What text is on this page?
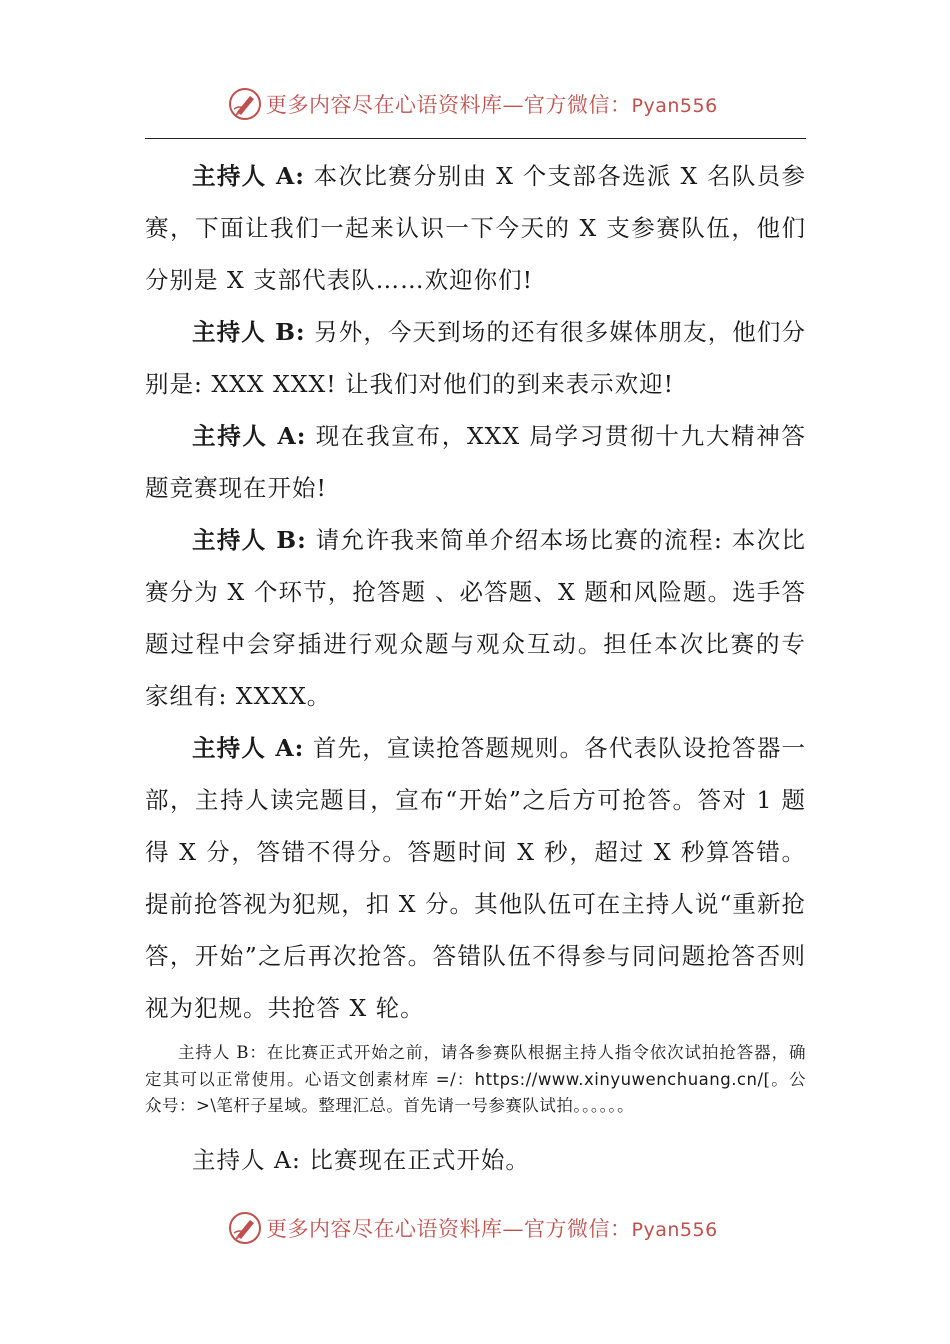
更多内容尽在心语资料库—官方微信：Pyan556

主持人 A: 本次比赛分别由 X 个支部各选派 X 名队员参赛，下面让我们一起来认识一下今天的 X 支参赛队伍，他们分别是 X 支部代表队……欢迎你们!

主持人 B: 另外，今天到场的还有很多媒体朋友，他们分别是: XXX XXX! 让我们对他们的到来表示欢迎!

主持人 A: 现在我宣布，XXX 局学习贯彻十九大精神答题竞赛现在开始!

主持人 B: 请允许我来简单介绍本场比赛的流程: 本次比赛分为 X 个环节，抢答题 、必答题、X 题和风险题。选手答题过程中会穿插进行观众题与观众互动。担任本次比赛的专家组有: XXXX。

主持人 A: 首先，宣读抢答题规则。各代表队设抢答器一部，主持人读完题目，宣布“开始”之后方可抢答。答对 1 题得 X 分，答错不得分。答题时间 X 秒，超过 X 秒算答错。提前抢答视为犯规，扣 X 分。其他队伍可在主持人说“重新抢答，开始”之后再次抢答。答错队伍不得参与同问题抢答否则视为犯规。共抢答 X 轮。

主持人 B：在比赛正式开始之前，请各参赛队根据主持人指令依次试拍抢答器，确定其可以正常使用。心语文创素材库 =/：https://www.xinyuwenchuang.cn/[。公众号：>\笔杆子星域。整理汇总。首先请一号参赛队试拍。。。。。。

主持人 A: 比赛现在正式开始。

更多内容尽在心语资料库—官方微信：Pyan556
